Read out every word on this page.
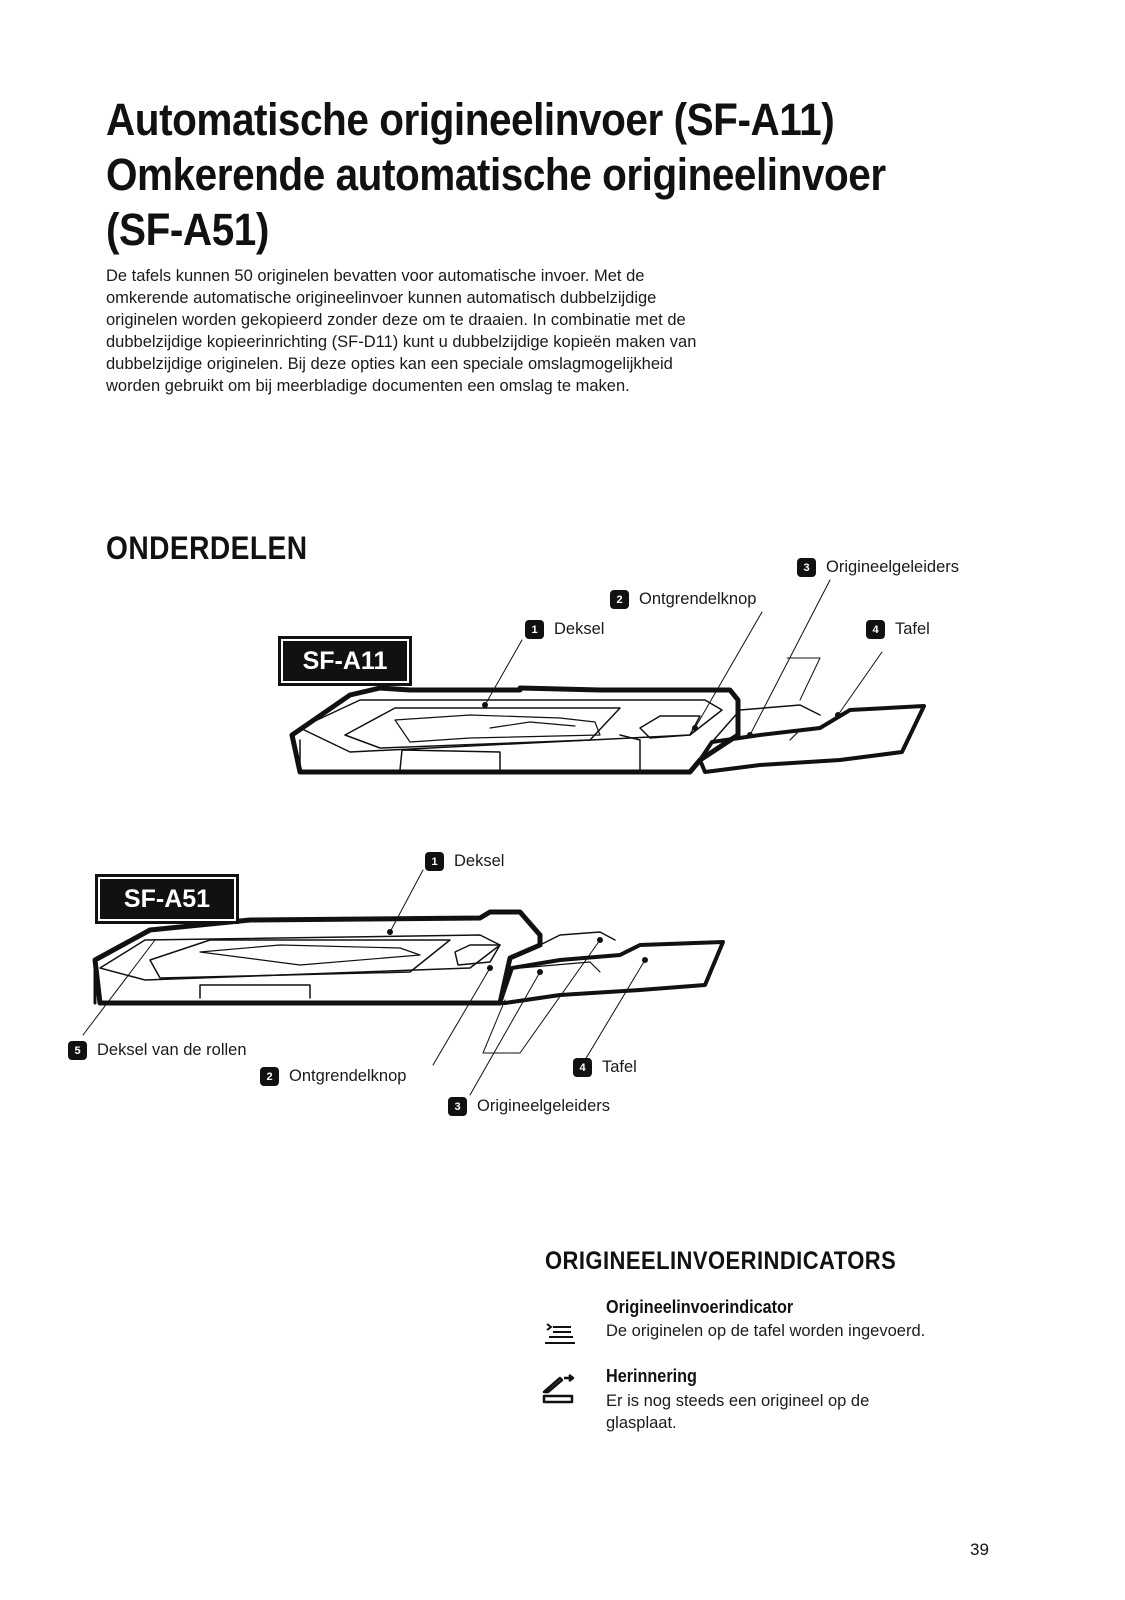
Automatische origineelinvoer (SF-A11)
Omkerende automatische origineelinvoer
(SF-A51)

De tafels kunnen 50 originelen bevatten voor automatische invoer. Met de omkerende automatische origineelinvoer kunnen automatisch dubbelzijdige originelen worden gekopieerd zonder deze om te draaien. In combinatie met de dubbelzijdige kopieerinrichting (SF-D11) kunt u dubbelzijdige kopieën maken van dubbelzijdige originelen. Bij deze opties kan een speciale omslagmogelijkheid worden gebruikt om bij meerbladige documenten een omslag te maken.

ONDERDELEN
SF-A11
SF-A51
1 Deksel
2 Ontgrendelknop
3 Origineelgeleiders
4 Tafel
1 Deksel
2 Ontgrendelknop
3 Origineelgeleiders
4 Tafel
5 Deksel van de rollen
ORIGINEELINVOERINDICATORS
Origineelinvoerindicator
De originelen op de tafel worden ingevoerd.
Herinnering
Er is nog steeds een origineel op de glasplaat.
39
